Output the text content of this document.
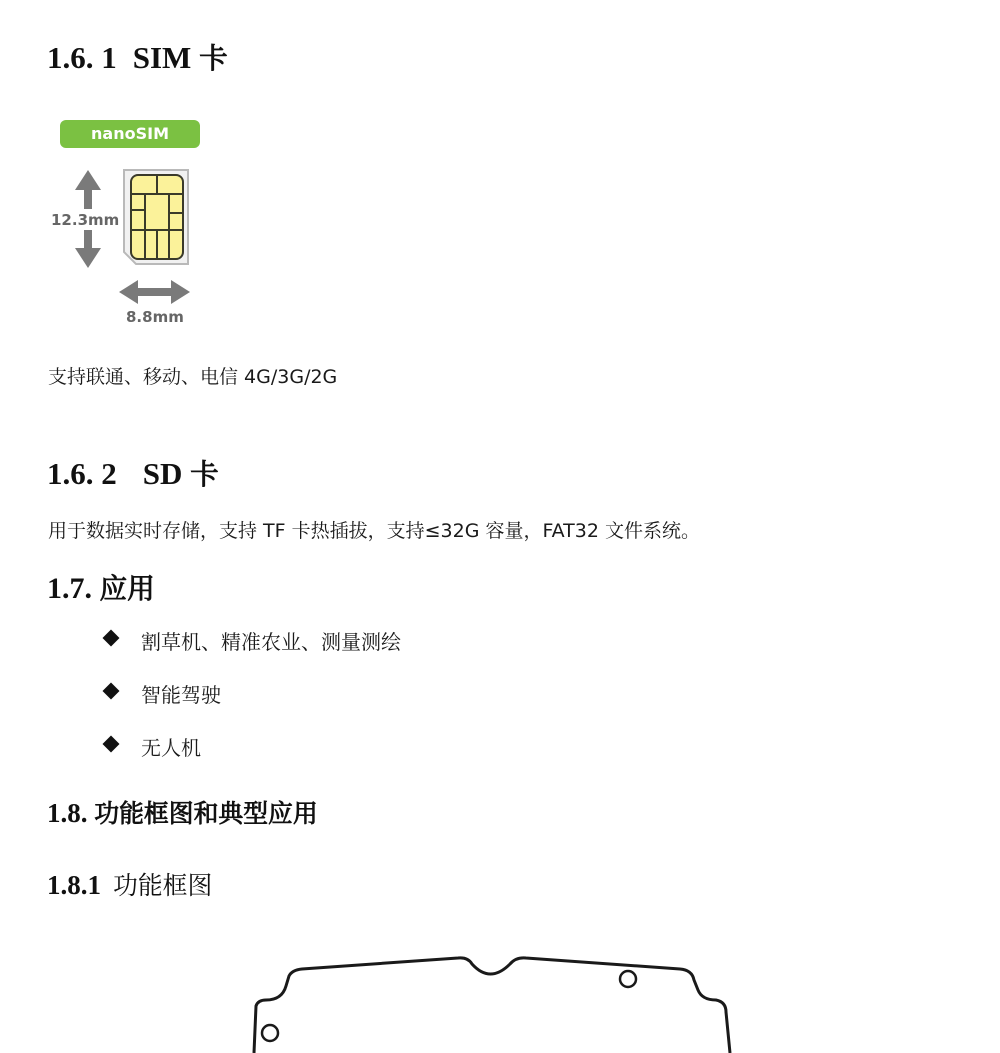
1.6. 1 SIM 卡
12.3mm
8.8mm
nanoSIM

支持联通、移动、电信 4G/3G/2G

1.6. 2 SD 卡

用于数据实时存储，支持 TF 卡热插拔，支持≤32G 容量，FAT32 文件系统。

1.7. 应用
割草机、精准农业、测量测绘
智能驾驶
无人机
1.8. 功能框图和典型应用
1.8.1 功能框图
